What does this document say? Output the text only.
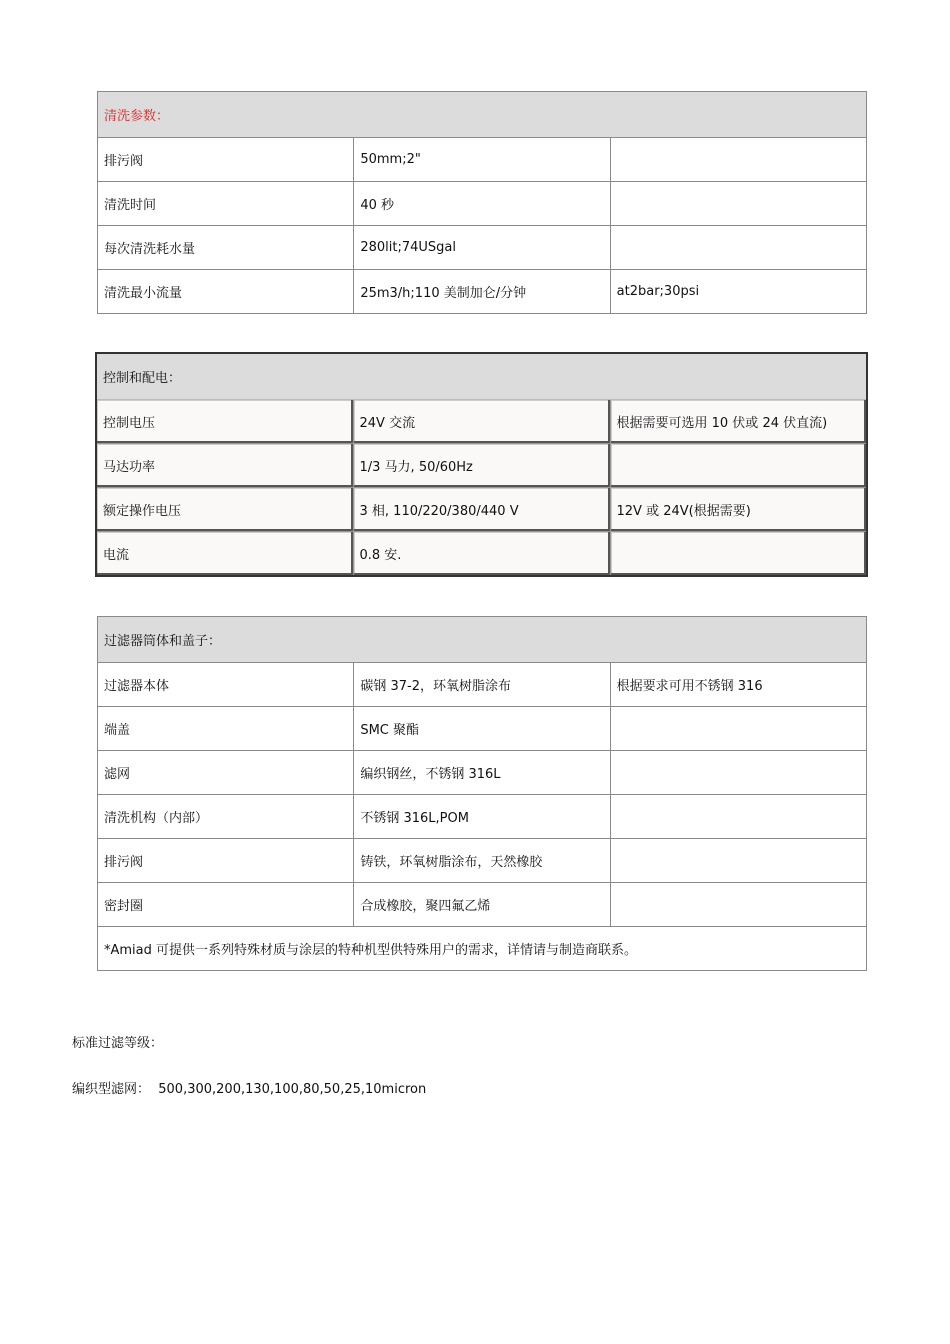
清洗参数：		
排污阀	50mm;2"	
清洗时间	40 秒	
每次清洗耗水量	280lit;74USgal	
清洗最小流量	25m3/h;110 美制加仑/分钟	at2bar;30psi
控制和配电：		
控制电压	24V 交流	根据需要可选用 10 伏或 24 伏直流)
马达功率	1/3 马力, 50/60Hz	
额定操作电压	3 相, 110/220/380/440 V	12V 或 24V(根据需要)
电流	0.8 安.	
过滤器筒体和盖子：		
过滤器本体	碳钢 37-2，环氧树脂涂布	根据要求可用不锈钢 316
端盖	SMC 聚酯	
滤网	编织钢丝，不锈钢 316L	
清洗机构（内部）	不锈钢 316L,POM	
排污阀	铸铁，环氧树脂涂布，天然橡胶	
密封圈	合成橡胶，聚四氟乙烯	
*Amiad 可提供一系列特殊材质与涂层的特种机型供特殊用户的需求，详情请与制造商联系。		
标准过滤等级：
编织型滤网：  500,300,200,130,100,80,50,25,10micron
